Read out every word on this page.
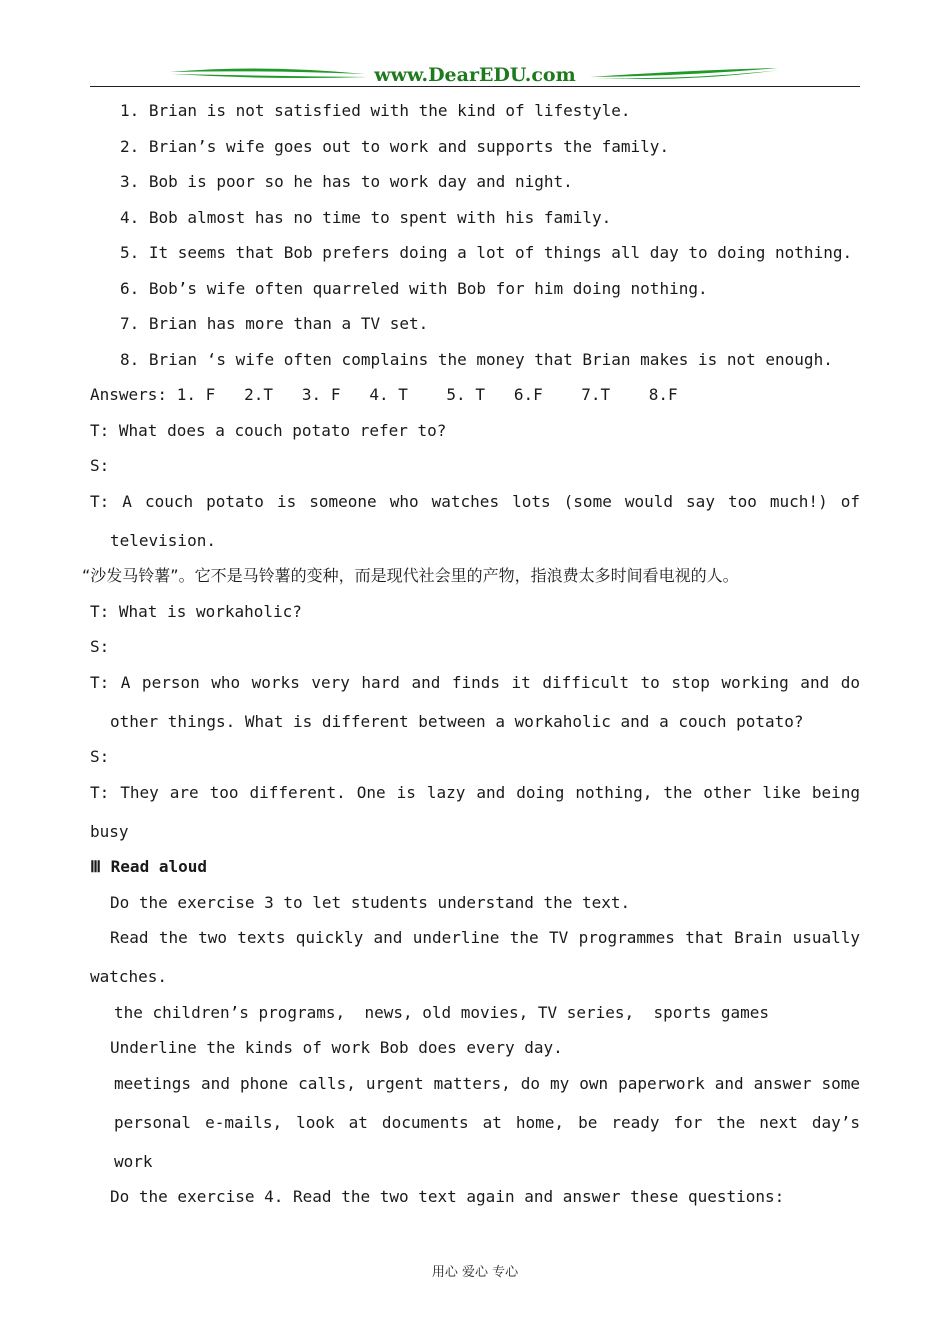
www.DearEDU.com
1. Brian is not satisfied with the kind of lifestyle.
2. Brian’s wife goes out to work and supports the family.
3. Bob is poor so he has to work day and night.
4. Bob almost has no time to spent with his family.
5. It seems that Bob prefers doing a lot of things all day to doing nothing.
6. Bob’s wife often quarreled with Bob for him doing nothing.
7. Brian has more than a TV set.
8. Brian ‘s wife often complains the money that Brian makes is not enough.
Answers: 1. F   2.T   3. F   4. T    5. T   6.F    7.T    8.F
T: What does a couch potato refer to?
S:
T: A couch potato is someone who watches lots (some would say too much!) of
television.
“沙发马铃薯”。它不是马铃薯的变种，而是现代社会里的产物，指浪费太多时间看电视的人。
T: What is workaholic?
S:
T: A person who works very hard and finds it difficult to stop working and do
other things. What is different between a workaholic and a couch potato?
S:
T: They are too different. One is lazy and doing nothing, the other like being
busy
Ⅲ Read aloud
Do the exercise 3 to let students understand the text.
Read the two texts quickly and underline the TV programmes that Brain usually
watches.
the children’s programs,  news, old movies, TV series,  sports games
Underline the kinds of work Bob does every day.
meetings and phone calls, urgent matters, do my own paperwork and answer some
personal e-mails, look at documents at home, be ready for the next day’s
work
Do the exercise 4. Read the two text again and answer these questions:
用心 爱心 专心
